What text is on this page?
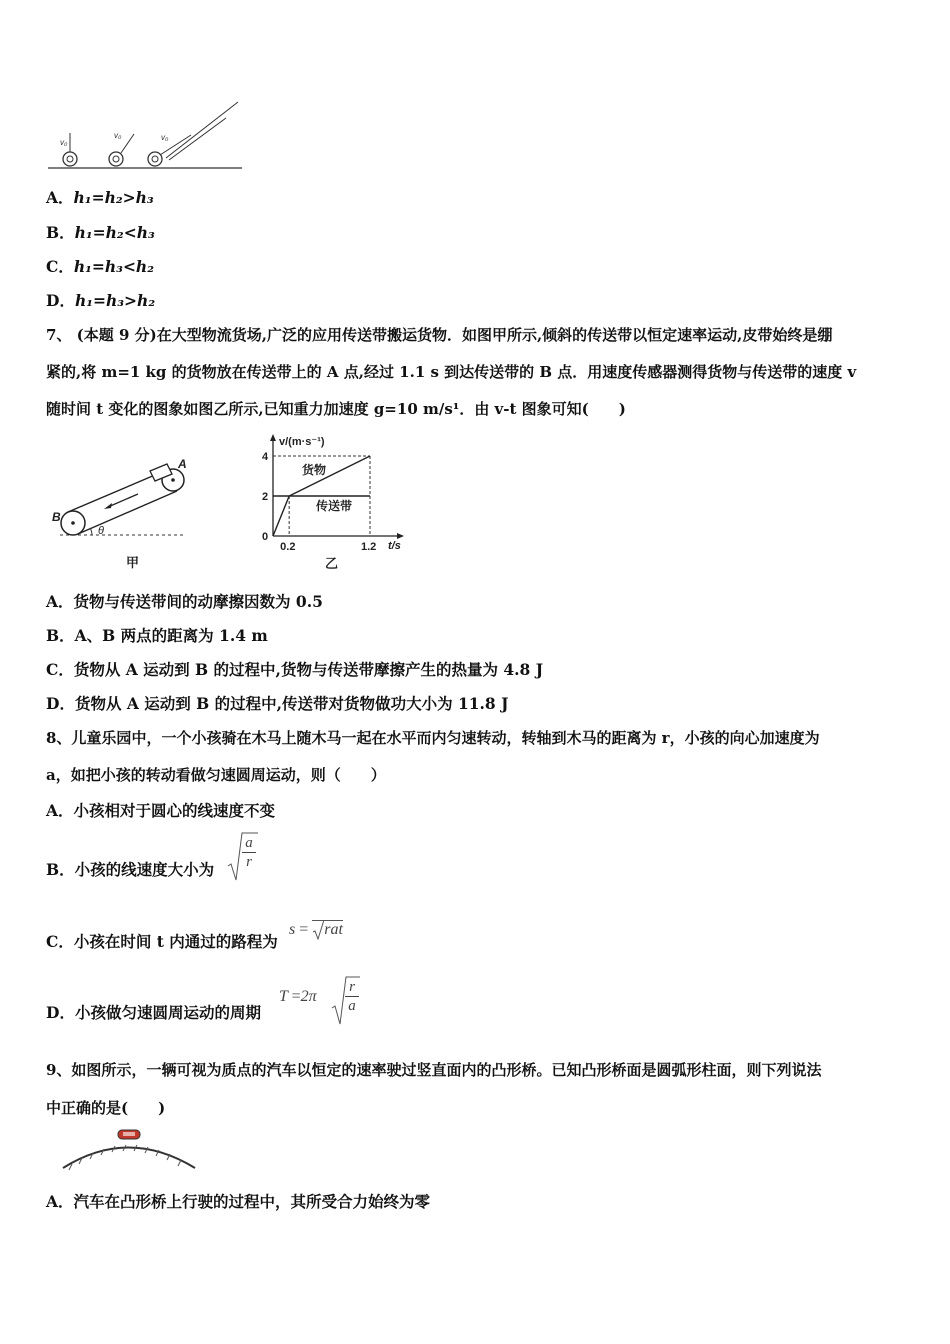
v₀
v₀	v₀
A．h₁=h₂>h₃
B．h₁=h₂<h₃
C．h₁=h₃<h₂
D．h₁=h₃>h₂
7、 (本题 9 分)在大型物流货场,广泛的应用传送带搬运货物．如图甲所示,倾斜的传送带以恒定速率运动,皮带始终是绷
紧的,将 m=1 kg 的货物放在传送带上的 A 点,经过 1.1 s 到达传送带的 B 点．用速度传感器测得货物与传送带的速度 v
随时间 t 变化的图象如图乙所示,已知重力加速度 g=10 m/s¹．由 v-t 图象可知(　　)
θ
A
B
甲
4
2
0
0.2	1.2
v/(m·s⁻¹)
t/s
货物
传送带
乙
A．货物与传送带间的动摩擦因数为 0.5
B．A、B 两点的距离为 1.4 m
C．货物从 A 运动到 B 的过程中,货物与传送带摩擦产生的热量为 4.8 J
D．货物从 A 运动到 B 的过程中,传送带对货物做功大小为 11.8 J
8、儿童乐园中，一个小孩骑在木马上随木马一起在水平而内匀速转动，转轴到木马的距离为 r，小孩的向心加速度为
a，如把小孩的转动看做匀速圆周运动，则（　　）
A．小孩相对于圆心的线速度不变
B．小孩的线速度大小为
a
r
C．小孩在时间 t 内通过的路程为
s = rat
D．小孩做匀速圆周运动的周期
T =2π
r
a
9、如图所示，一辆可视为质点的汽车以恒定的速率驶过竖直面内的凸形桥。已知凸形桥面是圆弧形柱面，则下列说法
中正确的是(　　)
A．汽车在凸形桥上行驶的过程中，其所受合力始终为零
